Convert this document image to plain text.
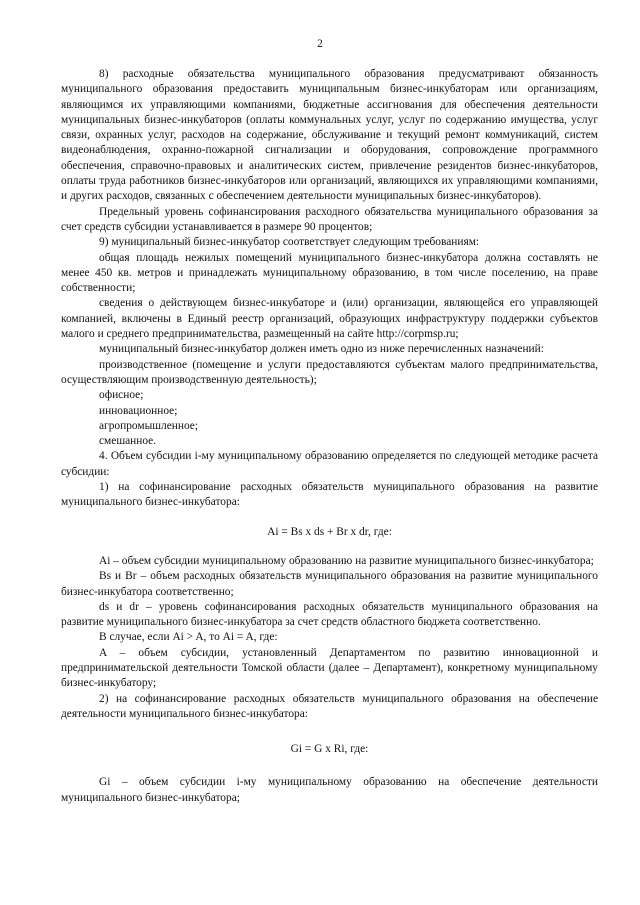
2

8) расходные обязательства муниципального образования предусматривают обязанность муниципального образования предоставить муниципальным бизнес-инкубаторам или организациям, являющимся их управляющими компаниями, бюджетные ассигнования для обеспечения деятельности муниципальных бизнес-инкубаторов (оплаты коммунальных услуг, услуг по содержанию имущества, услуг связи, охранных услуг, расходов на содержание, обслуживание и текущий ремонт коммуникаций, систем видеонаблюдения, охранно-пожарной сигнализации и оборудования, сопровождение программного обеспечения, справочно-правовых и аналитических систем, привлечение резидентов бизнес-инкубаторов, оплаты труда работников бизнес-инкубаторов или организаций, являющихся их управляющими компаниями, и других расходов, связанных с обеспечением деятельности муниципальных бизнес-инкубаторов).

Предельный уровень софинансирования расходного обязательства муниципального образования за счет средств субсидии устанавливается в размере 90 процентов;

9) муниципальный бизнес-инкубатор соответствует следующим требованиям:

общая площадь нежилых помещений муниципального бизнес-инкубатора должна составлять не менее 450 кв. метров и принадлежать муниципальному образованию, в том числе поселению, на праве собственности;

сведения о действующем бизнес-инкубаторе и (или) организации, являющейся его управляющей компанией, включены в Единый реестр организаций, образующих инфраструктуру поддержки субъектов малого и среднего предпринимательства, размещенный на сайте http://corpmsp.ru;

муниципальный бизнес-инкубатор должен иметь одно из ниже перечисленных назначений:

производственное (помещение и услуги предоставляются субъектам малого предпринимательства, осуществляющим производственную деятельность);

офисное;

инновационное;

агропромышленное;

смешанное.

4. Объем субсидии i-му муниципальному образованию определяется по следующей методике расчета субсидии:

1) на софинансирование расходных обязательств муниципального образования на развитие муниципального бизнес-инкубатора:

Ai = Bs x ds + Br x dr, где:

Ai – объем субсидии муниципальному образованию на развитие муниципального бизнес-инкубатора;

Bs и Br – объем расходных обязательств муниципального образования на развитие муниципального бизнес-инкубатора соответственно;

ds и dr – уровень софинансирования расходных обязательств муниципального образования на развитие муниципального бизнес-инкубатора за счет средств областного бюджета соответственно.

В случае, если Ai > A, то Ai = A, где:

A – объем субсидии, установленный Департаментом по развитию инновационной и предпринимательской деятельности Томской области (далее – Департамент), конкретному муниципальному бизнес-инкубатору;

2) на софинансирование расходных обязательств муниципального образования на обеспечение деятельности муниципального бизнес-инкубатора:

Gi = G x Ri, где:

Gi – объем субсидии i-му муниципальному образованию на обеспечение деятельности муниципального бизнес-инкубатора;
